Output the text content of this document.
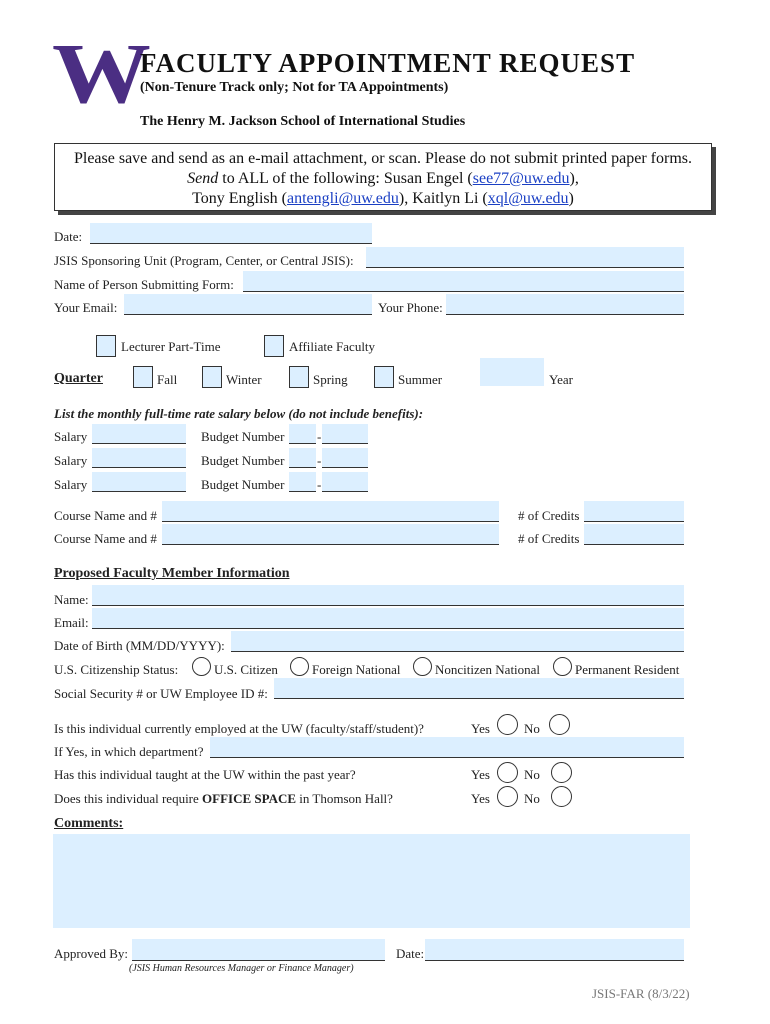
W
FACULTY APPOINTMENT REQUEST
(Non-Tenure Track only; Not for TA Appointments)
The Henry M. Jackson School of International Studies
Please save and send as an e-mail attachment, or scan. Please do not submit printed paper forms.
Send to ALL of the following: Susan Engel (see77@uw.edu),
Tony English (antengli@uw.edu), Kaitlyn Li (xql@uw.edu)
Date:
JSIS Sponsoring Unit (Program, Center, or Central JSIS):
Name of Person Submitting Form:
Your Email:	Your Phone:
Lecturer Part-Time	Affiliate Faculty
Quarter	Fall	Winter	Spring	Summer	Year
List the monthly full-time rate salary below (do not include benefits):
Salary	Budget Number	-
Salary	Budget Number	-
Salary	Budget Number	-
Course Name and #	# of Credits
Course Name and #	# of Credits
Proposed Faculty Member Information
Name:
Email:
Date of Birth (MM/DD/YYYY):
U.S. Citizenship Status:	U.S. Citizen	Foreign National	Noncitizen National	Permanent Resident
Social Security # or UW Employee ID #:
Is this individual currently employed at the UW (faculty/staff/student)?	Yes	No
If Yes, in which department?
Has this individual taught at the UW within the past year?	Yes	No
Does this individual require OFFICE SPACE in Thomson Hall?	Yes	No
Comments:
Approved By:	Date:
(JSIS Human Resources Manager or Finance Manager)
JSIS-FAR (8/3/22)
